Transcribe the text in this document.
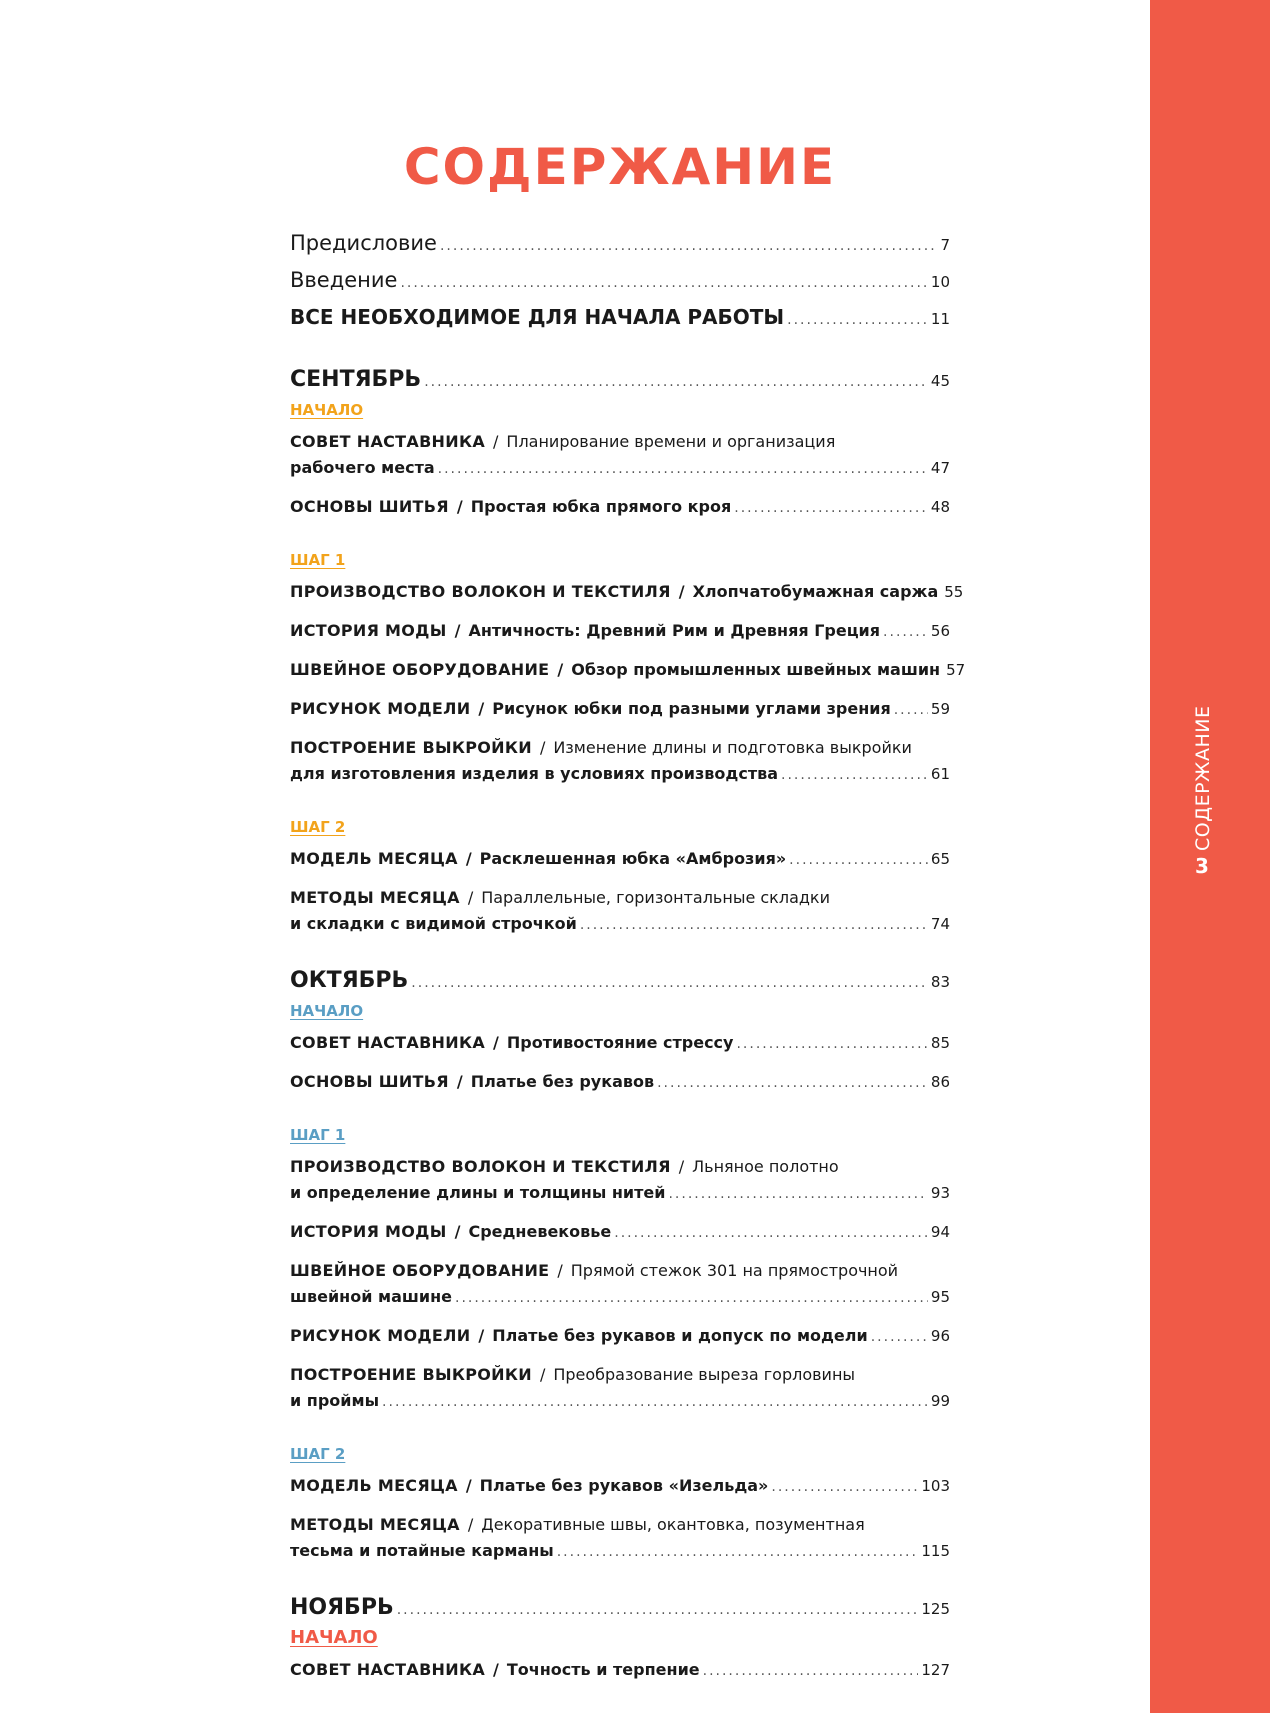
СОДЕРЖАНИЕ
3
СОДЕРЖАНИЕ
Предисловие .....	7
Введение .....	10
ВСЕ НЕОБХОДИМОЕ ДЛЯ НАЧАЛА РАБОТЫ .....	11
СЕНТЯБРЬ .....	45
НАЧАЛО
СОВЕТ НАСТАВНИКА / Планирование времени и организация
рабочего места .....	47
ОСНОВЫ ШИТЬЯ / Простая юбка прямого кроя .....	48
ШАГ 1
ПРОИЗВОДСТВО ВОЛОКОН И ТЕКСТИЛЯ / Хлопчатобумажная саржа 55
ИСТОРИЯ МОДЫ / Античность: Древний Рим и Древняя Греция .....	56
ШВЕЙНОЕ ОБОРУДОВАНИЕ / Обзор промышленных швейных машин 57
РИСУНОК МОДЕЛИ / Рисунок юбки под разными углами зрения .....	59
ПОСТРОЕНИЕ ВЫКРОЙКИ / Изменение длины и подготовка выкройки
для изготовления изделия в условиях производства .....	61
ШАГ 2
МОДЕЛЬ МЕСЯЦА / Расклешенная юбка «Амброзия» .....	65
МЕТОДЫ МЕСЯЦА / Параллельные, горизонтальные складки
и складки с видимой строчкой .....	74
ОКТЯБРЬ .....	83
НАЧАЛО
СОВЕТ НАСТАВНИКА / Противостояние стрессу .....	85
ОСНОВЫ ШИТЬЯ / Платье без рукавов .....	86
ШАГ 1
ПРОИЗВОДСТВО ВОЛОКОН И ТЕКСТИЛЯ / Льняное полотно
и определение длины и толщины нитей .....	93
ИСТОРИЯ МОДЫ / Средневековье .....	94
ШВЕЙНОЕ ОБОРУДОВАНИЕ / Прямой стежок 301 на прямострочной
швейной машине .....	95
РИСУНОК МОДЕЛИ / Платье без рукавов и допуск по модели .....	96
ПОСТРОЕНИЕ ВЫКРОЙКИ / Преобразование выреза горловины
и проймы .....	99
ШАГ 2
МОДЕЛЬ МЕСЯЦА / Платье без рукавов «Изельда» .....	103
МЕТОДЫ МЕСЯЦА / Декоративные швы, окантовка, позументная
тесьма и потайные карманы .....	115
НОЯБРЬ .....	125
НАЧАЛО
СОВЕТ НАСТАВНИКА / Точность и терпение .....	127
